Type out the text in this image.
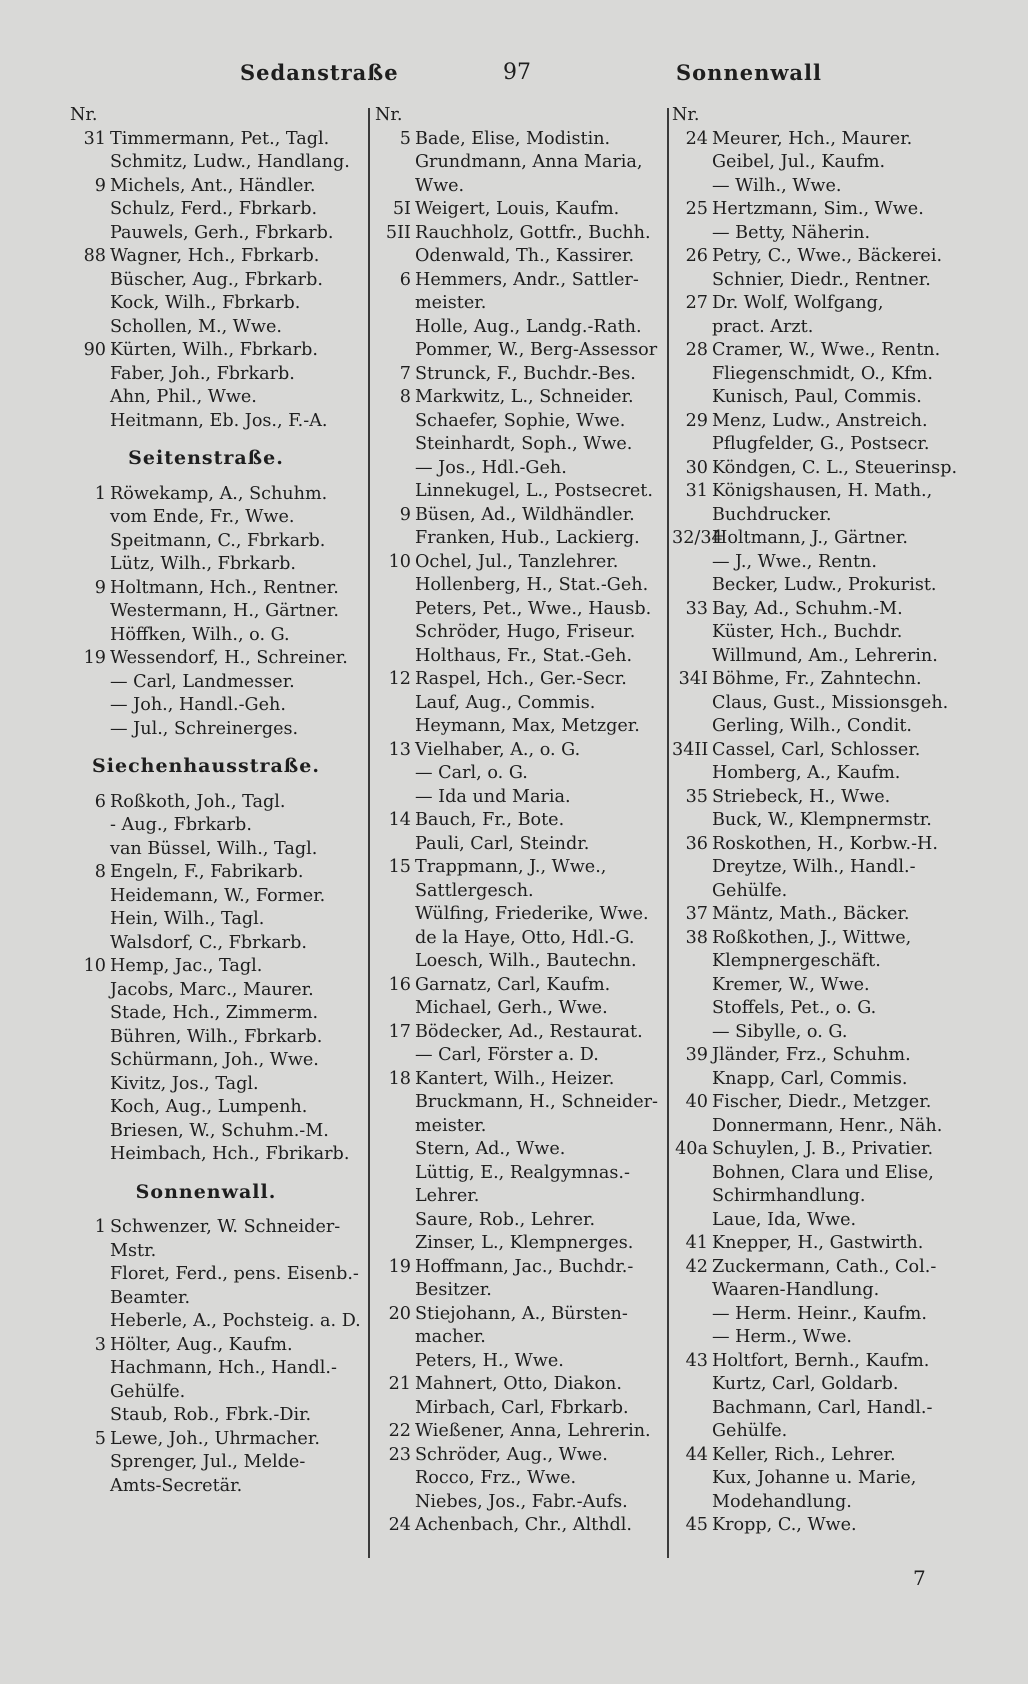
Sedanstraße	97	Sonnenwall
Nr.
31 Timmermann, Pet., Tagl.
Schmitz, Ludw., Handlang.
9 Michels, Ant., Händler.
Schulz, Ferd., Fbrkarb.
Pauwels, Gerh., Fbrkarb.
88 Wagner, Hch., Fbrkarb.
Büscher, Aug., Fbrkarb.
Kock, Wilh., Fbrkarb.
Schollen, M., Wwe.
90 Kürten, Wilh., Fbrkarb.
Faber, Joh., Fbrkarb.
Ahn, Phil., Wwe.
Heitmann, Eb. Jos., F.-A.
Seitenstraße.
1 Röwekamp, A., Schuhm.
vom Ende, Fr., Wwe.
Speitmann, C., Fbrkarb.
Lütz, Wilh., Fbrkarb.
9 Holtmann, Hch., Rentner.
Westermann, H., Gärtner.
Höffken, Wilh., o. G.
19 Wessendorf, H., Schreiner.
— Carl, Landmesser.
— Joh., Handl.-Geh.
— Jul., Schreinerges.
Siechenhausstraße.
6 Roßkoth, Joh., Tagl.
- Aug., Fbrkarb.
van Büssel, Wilh., Tagl.
8 Engeln, F., Fabrikarb.
Heidemann, W., Former.
Hein, Wilh., Tagl.
Walsdorf, C., Fbrkarb.
10 Hemp, Jac., Tagl.
Jacobs, Marc., Maurer.
Stade, Hch., Zimmerm.
Bühren, Wilh., Fbrkarb.
Schürmann, Joh., Wwe.
Kivitz, Jos., Tagl.
Koch, Aug., Lumpenh.
Briesen, W., Schuhm.-M.
Heimbach, Hch., Fbrikarb.
Sonnenwall.
1 Schwenzer, W. Schneider-
Mstr.
Floret, Ferd., pens. Eisenb.-
Beamter.
Heberle, A., Pochsteig. a. D.
3 Hölter, Aug., Kaufm.
Hachmann, Hch., Handl.-
Gehülfe.
Staub, Rob., Fbrk.-Dir.
5 Lewe, Joh., Uhrmacher.
Sprenger, Jul., Melde-
Amts-Secretär.
Nr.
5 Bade, Elise, Modistin.
Grundmann, Anna Maria,
Wwe.
5I Weigert, Louis, Kaufm.
5II Rauchholz, Gottfr., Buchh.
Odenwald, Th., Kassirer.
6 Hemmers, Andr., Sattler-
meister.
Holle, Aug., Landg.-Rath.
Pommer, W., Berg-Assessor
7 Strunck, F., Buchdr.-Bes.
8 Markwitz, L., Schneider.
Schaefer, Sophie, Wwe.
Steinhardt, Soph., Wwe.
— Jos., Hdl.-Geh.
Linnekugel, L., Postsecret.
9 Büsen, Ad., Wildhändler.
Franken, Hub., Lackierg.
10 Ochel, Jul., Tanzlehrer.
Hollenberg, H., Stat.-Geh.
Peters, Pet., Wwe., Hausb.
Schröder, Hugo, Friseur.
Holthaus, Fr., Stat.-Geh.
12 Raspel, Hch., Ger.-Secr.
Lauf, Aug., Commis.
Heymann, Max, Metzger.
13 Vielhaber, A., o. G.
— Carl, o. G.
— Ida und Maria.
14 Bauch, Fr., Bote.
Pauli, Carl, Steindr.
15 Trappmann, J., Wwe.,
Sattlergesch.
Wülfing, Friederike, Wwe.
de la Haye, Otto, Hdl.-G.
Loesch, Wilh., Bautechn.
16 Garnatz, Carl, Kaufm.
Michael, Gerh., Wwe.
17 Bödecker, Ad., Restaurat.
— Carl, Förster a. D.
18 Kantert, Wilh., Heizer.
Bruckmann, H., Schneider-
meister.
Stern, Ad., Wwe.
Lüttig, E., Realgymnas.-
Lehrer.
Saure, Rob., Lehrer.
Zinser, L., Klempnerges.
19 Hoffmann, Jac., Buchdr.-
Besitzer.
20 Stiejohann, A., Bürsten-
macher.
Peters, H., Wwe.
21 Mahnert, Otto, Diakon.
Mirbach, Carl, Fbrkarb.
22 Wießener, Anna, Lehrerin.
23 Schröder, Aug., Wwe.
Rocco, Frz., Wwe.
Niebes, Jos., Fabr.-Aufs.
24 Achenbach, Chr., Althdl.
Nr.
24 Meurer, Hch., Maurer.
Geibel, Jul., Kaufm.
— Wilh., Wwe.
25 Hertzmann, Sim., Wwe.
— Betty, Näherin.
26 Petry, C., Wwe., Bäckerei.
Schnier, Diedr., Rentner.
27 Dr. Wolf, Wolfgang,
pract. Arzt.
28 Cramer, W., Wwe., Rentn.
Fliegenschmidt, O., Kfm.
Kunisch, Paul, Commis.
29 Menz, Ludw., Anstreich.
Pflugfelder, G., Postsecr.
30 Köndgen, C. L., Steuerinsp.
31 Königshausen, H. Math.,
Buchdrucker.
32/34Holtmann, J., Gärtner.
— J., Wwe., Rentn.
Becker, Ludw., Prokurist.
33 Bay, Ad., Schuhm.-M.
Küster, Hch., Buchdr.
Willmund, Am., Lehrerin.
34I Böhme, Fr., Zahntechn.
Claus, Gust., Missionsgeh.
Gerling, Wilh., Condit.
34II Cassel, Carl, Schlosser.
Homberg, A., Kaufm.
35 Striebeck, H., Wwe.
Buck, W., Klempnermstr.
36 Roskothen, H., Korbw.-H.
Dreytze, Wilh., Handl.-
Gehülfe.
37 Mäntz, Math., Bäcker.
38 Roßkothen, J., Wittwe,
Klempnergeschäft.
Kremer, W., Wwe.
Stoffels, Pet., o. G.
— Sibylle, o. G.
39 Jländer, Frz., Schuhm.
Knapp, Carl, Commis.
40 Fischer, Diedr., Metzger.
Donnermann, Henr., Näh.
40a Schuylen, J. B., Privatier.
Bohnen, Clara und Elise,
Schirmhandlung.
Laue, Ida, Wwe.
41 Knepper, H., Gastwirth.
42 Zuckermann, Cath., Col.-
Waaren-Handlung.
— Herm. Heinr., Kaufm.
— Herm., Wwe.
43 Holtfort, Bernh., Kaufm.
Kurtz, Carl, Goldarb.
Bachmann, Carl, Handl.-
Gehülfe.
44 Keller, Rich., Lehrer.
Kux, Johanne u. Marie,
Modehandlung.
45 Kropp, C., Wwe.
7
